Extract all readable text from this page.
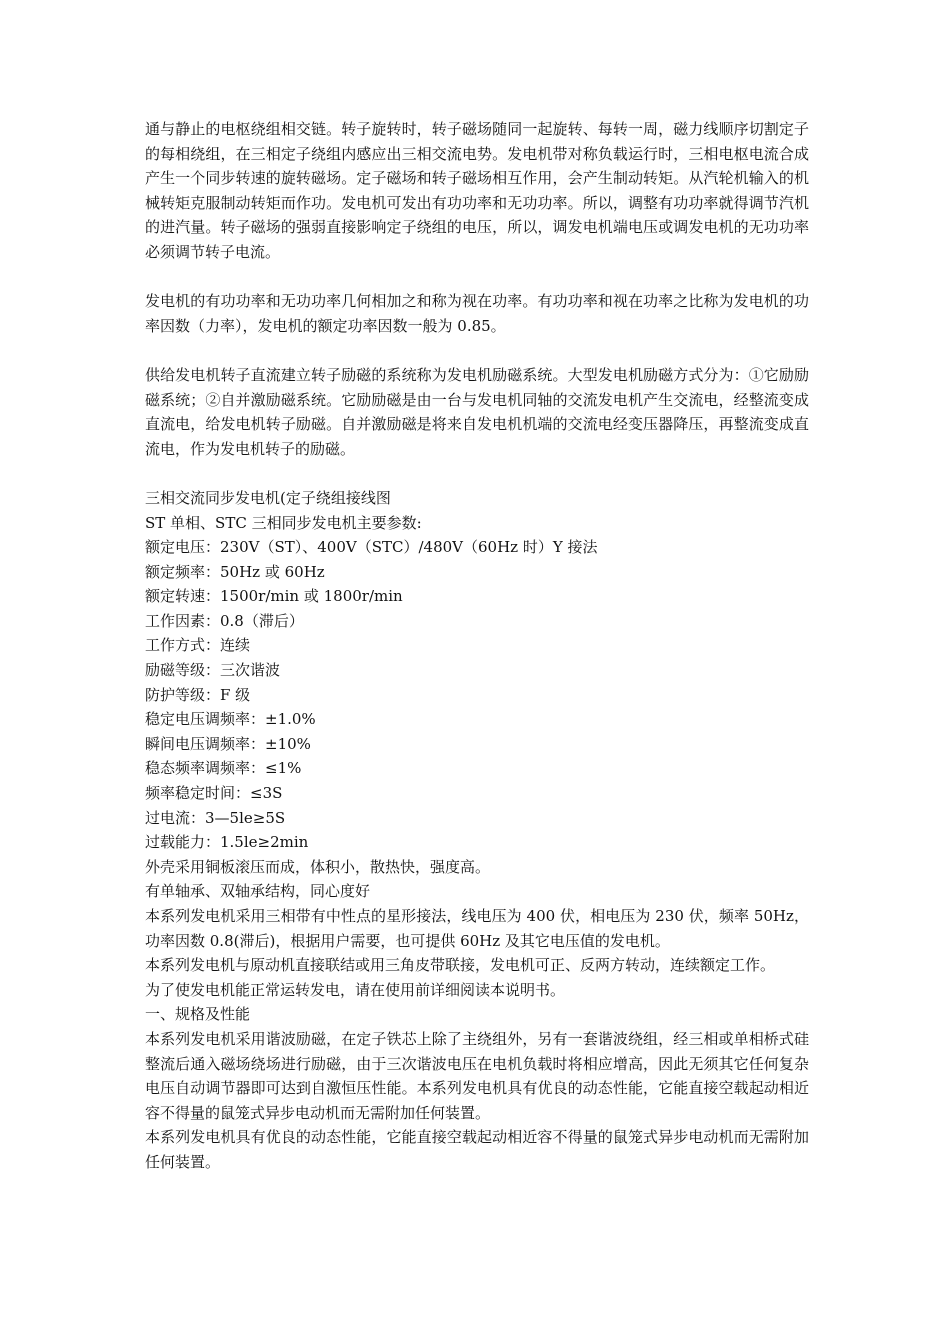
通与静止的电枢绕组相交链。转子旋转时，转子磁场随同一起旋转、每转一周，磁力线顺序切割定子的每相绕组，在三相定子绕组内感应出三相交流电势。发电机带对称负载运行时，三相电枢电流合成产生一个同步转速的旋转磁场。定子磁场和转子磁场相互作用，会产生制动转矩。从汽轮机输入的机械转矩克服制动转矩而作功。发电机可发出有功功率和无功功率。所以，调整有功功率就得调节汽机的进汽量。转子磁场的强弱直接影响定子绕组的电压，所以，调发电机端电压或调发电机的无功功率必须调节转子电流。

发电机的有功功率和无功功率几何相加之和称为视在功率。有功功率和视在功率之比称为发电机的功率因数（力率），发电机的额定功率因数一般为 0.85。

供给发电机转子直流建立转子励磁的系统称为发电机励磁系统。大型发电机励磁方式分为：①它励励磁系统；②自并激励磁系统。它励励磁是由一台与发电机同轴的交流发电机产生交流电，经整流变成直流电，给发电机转子励磁。自并激励磁是将来自发电机机端的交流电经变压器降压，再整流变成直流电，作为发电机转子的励磁。

三相交流同步发电机(定子绕组接线图

ST 单相、STC 三相同步发电机主要参数:

额定电压：230V（ST）、400V（STC）/480V（60Hz 时）Y 接法

额定频率：50Hz 或 60Hz

额定转速：1500r/min 或 1800r/min

工作因素：0.8（滞后）

工作方式：连续

励磁等级：三次谐波

防护等级：F 级

稳定电压调频率：±1.0%

瞬间电压调频率：±10%

稳态频率调频率：≤1%

频率稳定时间：≤3S

过电流：3—5le≥5S

过载能力：1.5le≥2min

外壳采用铜板滚压而成，体积小，散热快，强度高。

有单轴承、双轴承结构，同心度好

本系列发电机采用三相带有中性点的星形接法，线电压为 400 伏，相电压为 230 伏，频率 50Hz，功率因数 0.8(滞后)，根据用户需要，也可提供 60Hz 及其它电压值的发电机。

本系列发电机与原动机直接联结或用三角皮带联接，发电机可正、反两方转动，连续额定工作。

为了使发电机能正常运转发电，请在使用前详细阅读本说明书。

一、规格及性能

本系列发电机采用谐波励磁，在定子铁芯上除了主绕组外，另有一套谐波绕组，经三相或单相桥式硅整流后通入磁场绕场进行励磁，由于三次谐波电压在电机负载时将相应增高，因此无须其它任何复杂电压自动调节器即可达到自激恒压性能。本系列发电机具有优良的动态性能，它能直接空载起动相近容不得量的鼠笼式异步电动机而无需附加任何装置。

本系列发电机具有优良的动态性能，它能直接空载起动相近容不得量的鼠笼式异步电动机而无需附加任何装置。
